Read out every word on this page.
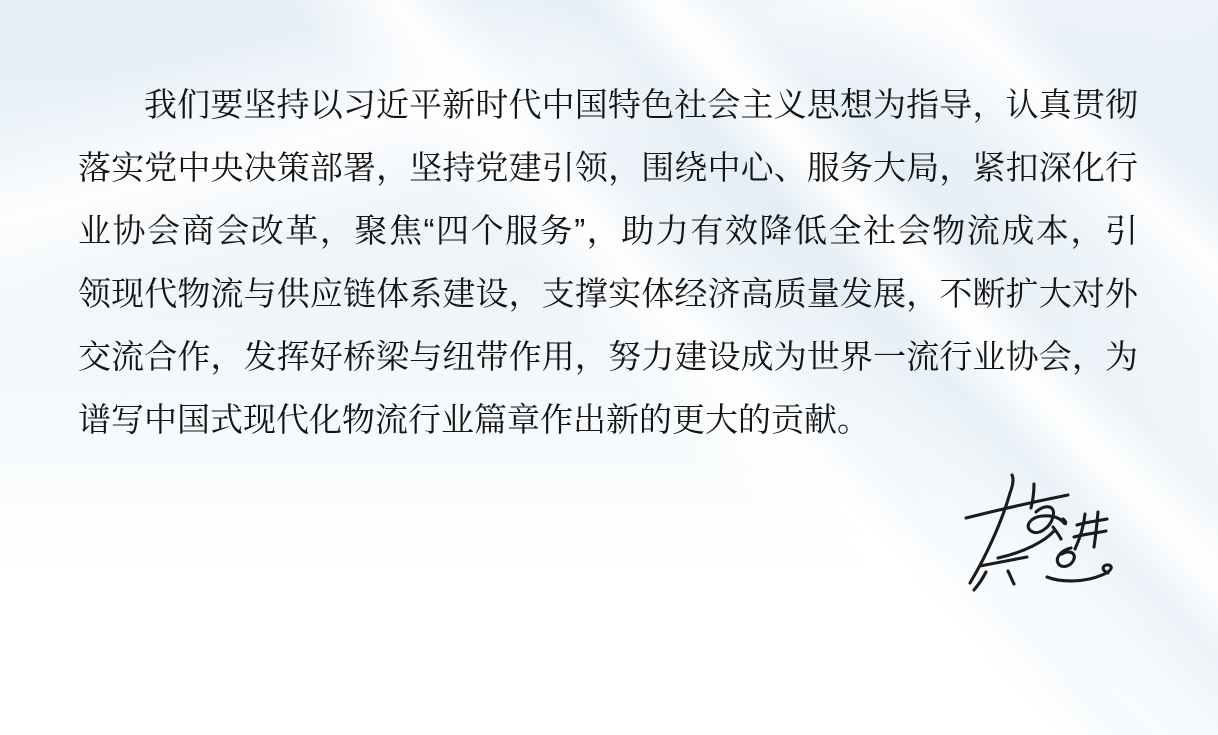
我们要坚持以习近平新时代中国特色社会主义思想为指导，认真贯彻
落实党中央决策部署，坚持党建引领，围绕中心、服务大局，紧扣深化行
业协会商会改革，聚焦“四个服务”，助力有效降低全社会物流成本，引
领现代物流与供应链体系建设，支撑实体经济高质量发展，不断扩大对外
交流合作，发挥好桥梁与纽带作用，努力建设成为世界一流行业协会，为
谱写中国式现代化物流行业篇章作出新的更大的贡献。
